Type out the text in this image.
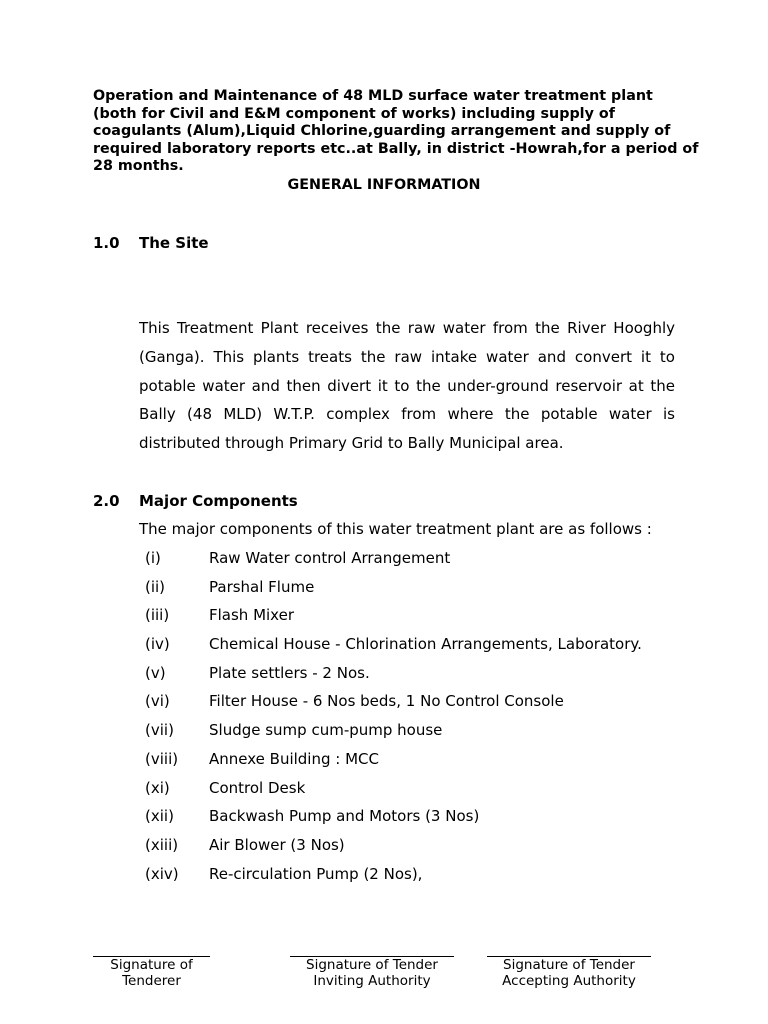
Operation and Maintenance of 48 MLD surface water treatment plant
(both for Civil and E&M component of works) including supply of
coagulants (Alum),Liquid Chlorine,guarding arrangement and supply of
required laboratory reports etc..at Bally, in district -Howrah,for a period of
28 months.
GENERAL INFORMATION
1.0 The Site
This Treatment Plant receives the raw water from the River Hooghly
(Ganga). This plants treats the raw intake water and convert it to
potable water and then divert it to the under-ground reservoir at the
Bally (48 MLD) W.T.P. complex from where the potable water is
distributed through Primary Grid to Bally Municipal area.
2.0 Major Components
The major components of this water treatment plant are as follows :
(i)	Raw Water control Arrangement
(ii)	Parshal Flume
(iii)	Flash Mixer
(iv)	Chemical House - Chlorination Arrangements, Laboratory.
(v)	Plate settlers - 2 Nos.
(vi)	Filter House - 6 Nos beds, 1 No Control Console
(vii) Sludge sump cum-pump house
(viii) Annexe Building : MCC
(xi)	Control Desk
(xii) Backwash Pump and Motors (3 Nos)
(xiii) Air Blower (3 Nos)
(xiv) Re-circulation Pump (2 Nos),
Signature of
Tenderer
Signature of Tender
Inviting Authority
Signature of Tender
Accepting Authority
